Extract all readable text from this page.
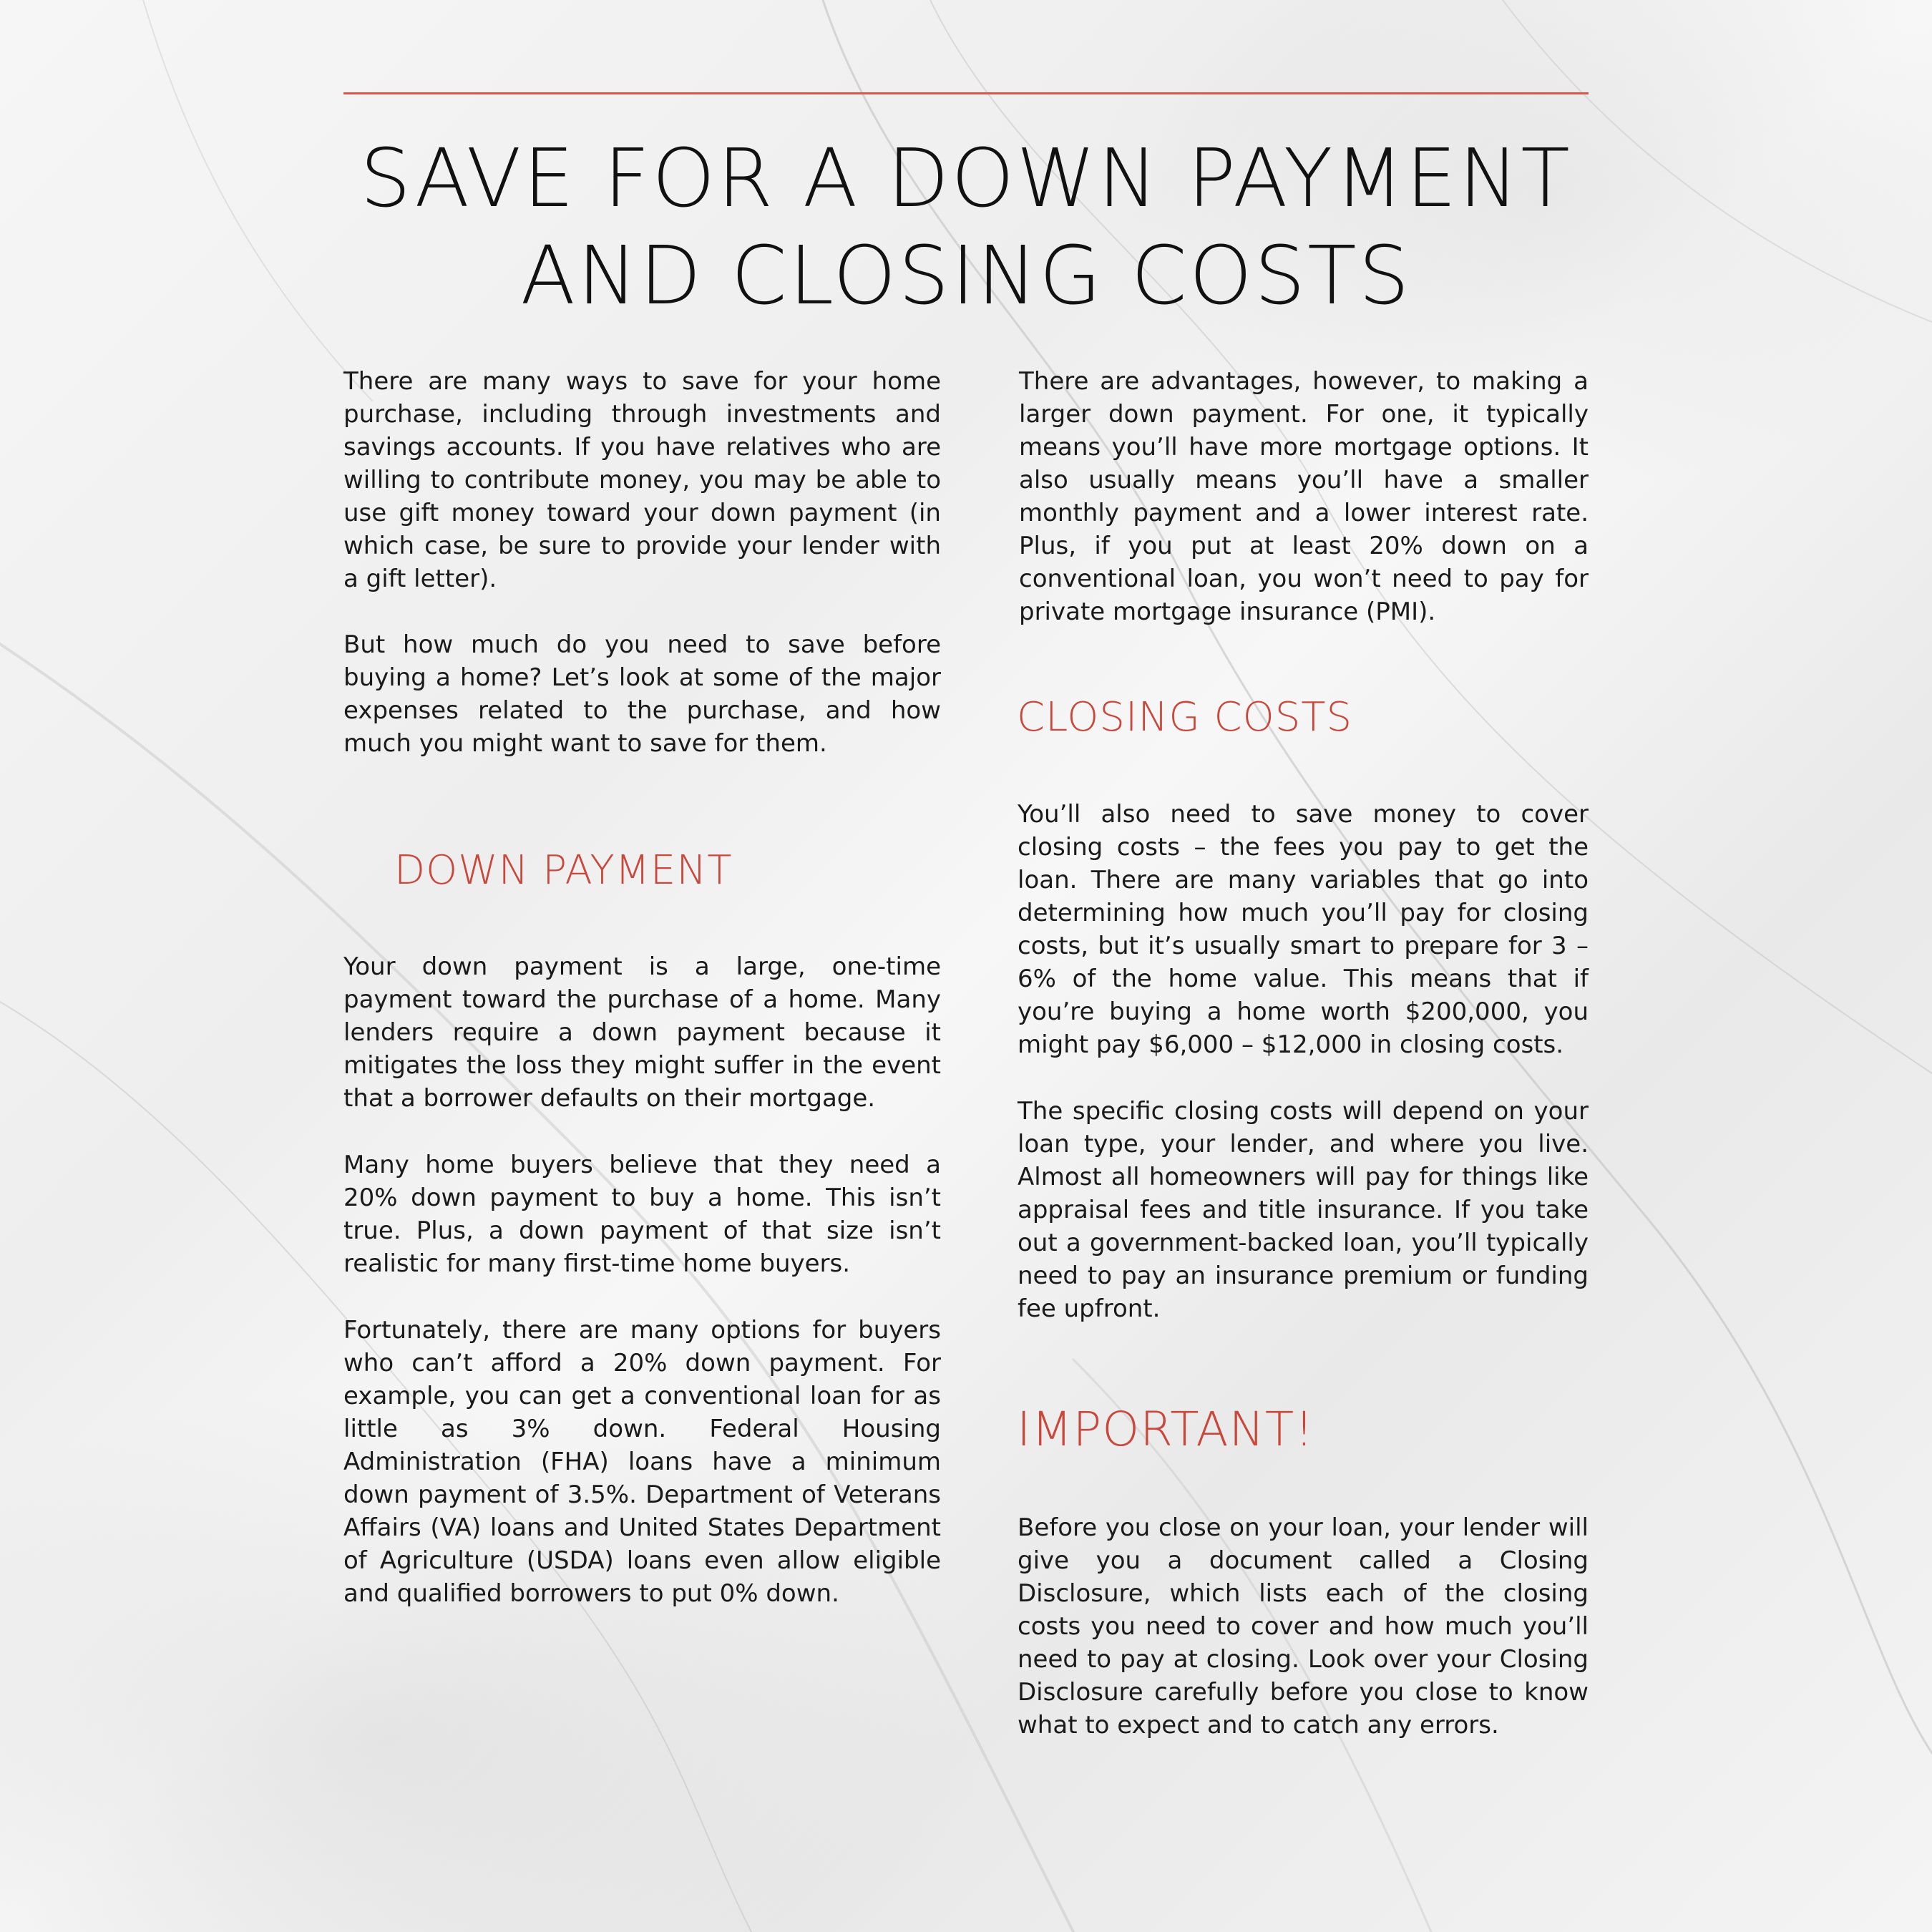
SAVE FOR A DOWN PAYMENT AND CLOSING COSTS

There are many ways to save for your home purchase, including through investments and savings accounts. If you have relatives who are willing to contribute money, you may be able to use gift money toward your down payment (in which case, be sure to provide your lender with a gift letter).

But how much do you need to save before buying a home? Let’s look at some of the major expenses related to the purchase, and how much you might want to save for them.

DOWN PAYMENT

Your down payment is a large, one-time payment toward the purchase of a home. Many lenders require a down payment because it mitigates the loss they might suffer in the event that a borrower defaults on their mortgage.

Many home buyers believe that they need a 20% down payment to buy a home. This isn’t true. Plus, a down payment of that size isn’t realistic for many first-time home buyers.

Fortunately, there are many options for buyers who can’t afford a 20% down payment. For example, you can get a conventional loan for as little as 3% down. Federal Housing Administration (FHA) loans have a minimum down payment of 3.5%. Department of Veterans Affairs (VA) loans and United States Department of Agriculture (USDA) loans even allow eligible and qualified borrowers to put 0% down.

There are advantages, however, to making a larger down payment. For one, it typically means you’ll have more mortgage options. It also usually means you’ll have a smaller monthly payment and a lower interest rate. Plus, if you put at least 20% down on a conventional loan, you won’t need to pay for private mortgage insurance (PMI).

CLOSING COSTS

You’ll also need to save money to cover closing costs – the fees you pay to get the loan. There are many variables that go into determining how much you’ll pay for closing costs, but it’s usually smart to prepare for 3 – 6% of the home value. This means that if you’re buying a home worth $200,000, you might pay $6,000 – $12,000 in closing costs.

The specific closing costs will depend on your loan type, your lender, and where you live. Almost all homeowners will pay for things like appraisal fees and title insurance. If you take out a government-backed loan, you’ll typically need to pay an insurance premium or funding fee upfront.

IMPORTANT!

Before you close on your loan, your lender will give you a document called a Closing Disclosure, which lists each of the closing costs you need to cover and how much you’ll need to pay at closing. Look over your Closing Disclosure carefully before you close to know what to expect and to catch any errors.
